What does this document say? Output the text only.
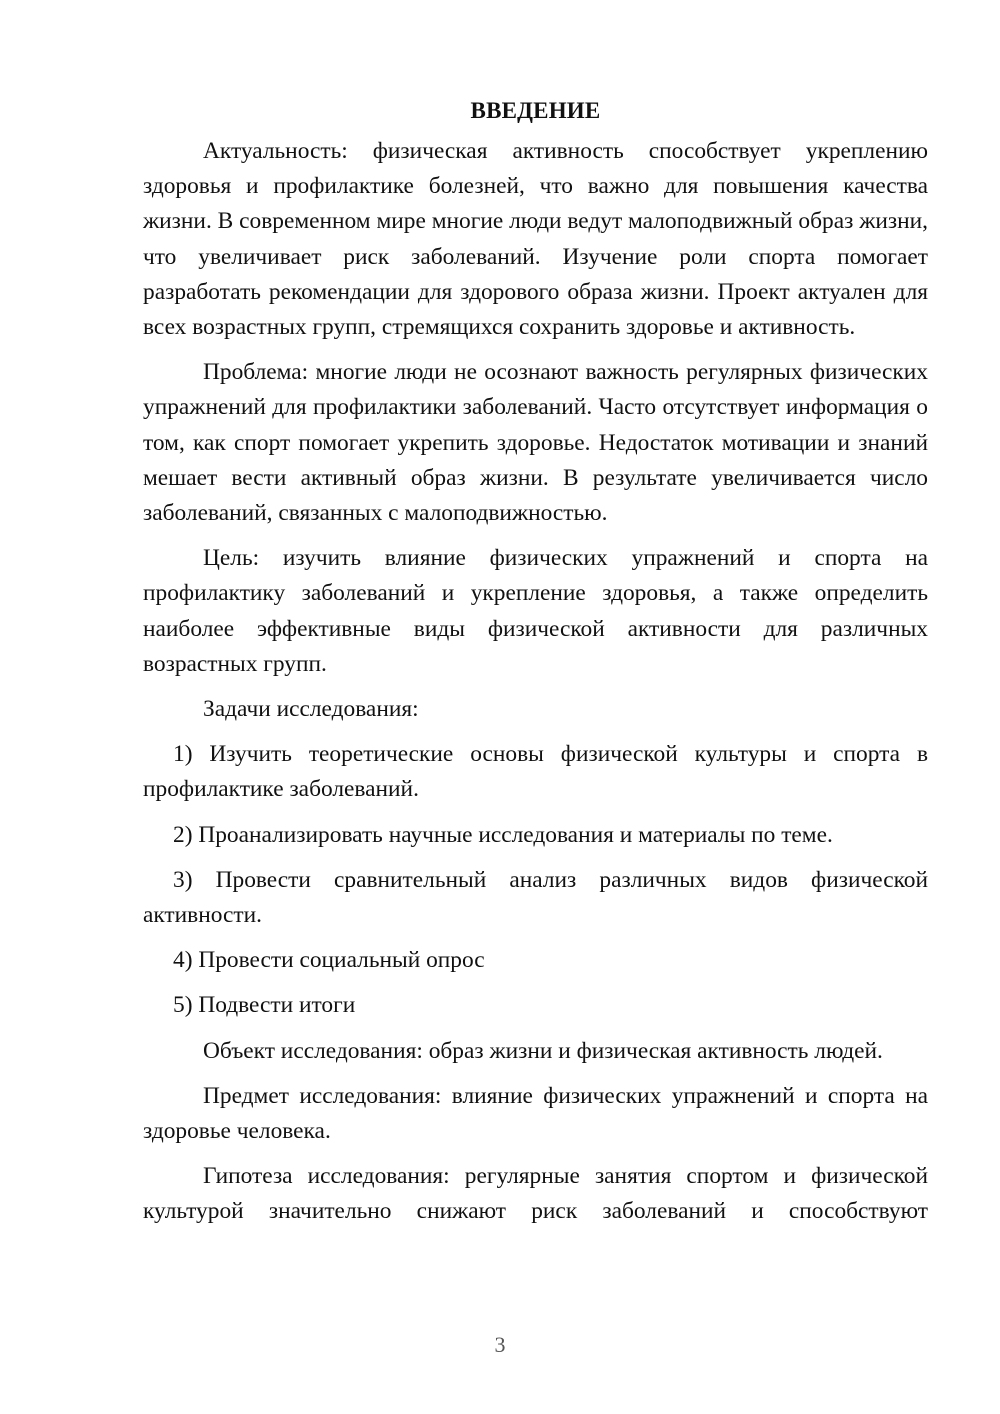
ВВЕДЕНИЕ

Актуальность: физическая активность способствует укреплению здоровья и профилактике болезней, что важно для повышения качества жизни. В современном мире многие люди ведут малоподвижный образ жизни, что увеличивает риск заболеваний. Изучение роли спорта помогает разработать рекомендации для здорового образа жизни. Проект актуален для всех возрастных групп, стремящихся сохранить здоровье и активность.

Проблема: многие люди не осознают важность регулярных физических упражнений для профилактики заболеваний. Часто отсутствует информация о том, как спорт помогает укрепить здоровье. Недостаток мотивации и знаний мешает вести активный образ жизни. В результате увеличивается число заболеваний, связанных с малоподвижностью.

Цель: изучить влияние физических упражнений и спорта на профилактику заболеваний и укрепление здоровья, а также определить наиболее эффективные виды физической активности для различных возрастных групп.

Задачи исследования:

1) Изучить теоретические основы физической культуры и спорта в профилактике заболеваний.

2) Проанализировать научные исследования и материалы по теме.

3) Провести сравнительный анализ различных видов физической активности.

4) Провести социальный опрос

5) Подвести итоги

Объект исследования: образ жизни и физическая активность людей.

Предмет исследования: влияние физических упражнений и спорта на здоровье человека.

Гипотеза исследования: регулярные занятия спортом и физической культурой значительно снижают риск заболеваний и способствуют

3
